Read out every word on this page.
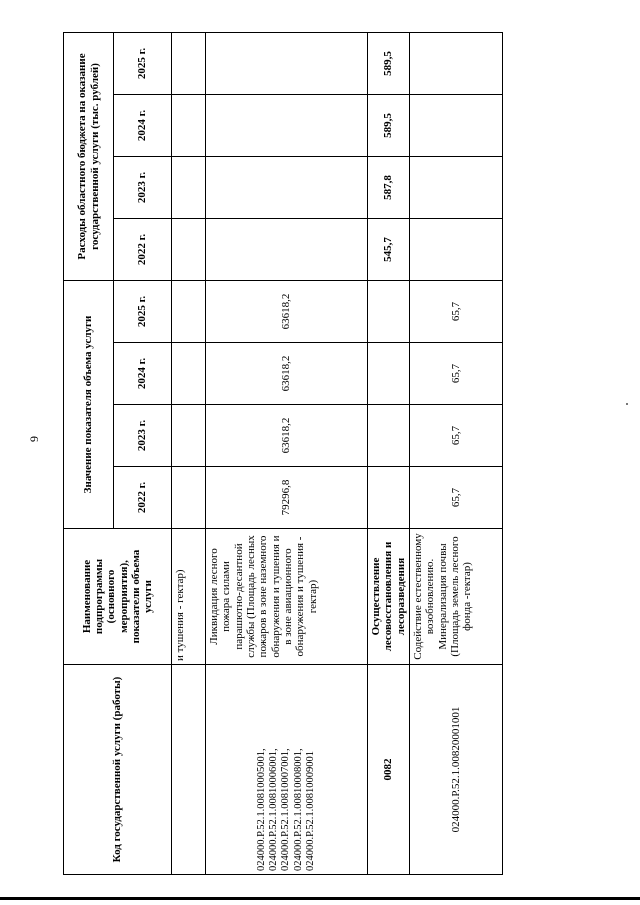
9
Код государственной услуги (работы)	Наименование подпрограммы (основного мероприятия), показатели объема услуги	Значение показателя объема услуги				Расходы областного бюджета на оказание государственной услуги (тыс. рублей)			
		2022 г.	2023 г.	2024 г.	2025 г.	2022 г.	2023 г.	2024 г.	2025 г.
	и тушения - гектар)								

024000.Р.52.1.00810005001, 024000.Р.52.1.00810006001, 024000.Р.52.1.00810007001, 024000.Р.52.1.00810008001, 024000.Р.52.1.00810009001	Ликвидация лесного пожара силами парашютно-десантной службы (Площадь лесных пожаров в зоне наземного обнаружения и тушения и в зоне авиационного обнаружения и тушения - гектар)	79296,8	63618,2	63618,2	63618,2				

0082	Осуществление лесовосстановления и лесоразведения					545,7	587,8	589,5	589,5

024000.Р.52.1.00820001001	Содействие естественному возобновлению. Минерализация почвы (Площадь земель лесного фонда -гектар)	65,7	65,7	65,7	65,7				
